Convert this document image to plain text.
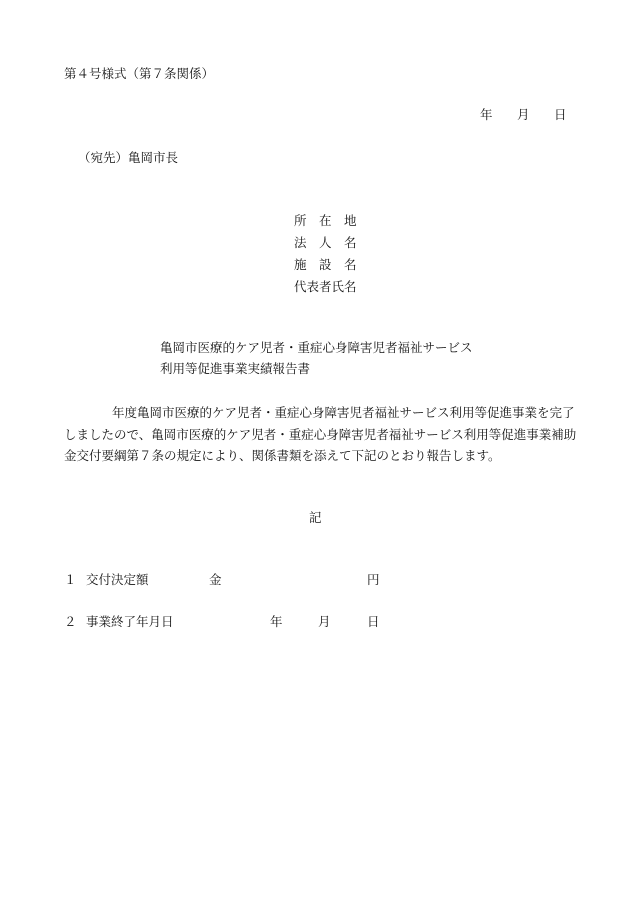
第４号様式（第７条関係）
年 月 日
（宛先）亀岡市長
所　在　地
法　人　名
施　設　名
代表者氏名
亀岡市医療的ケア児者・重症心身障害児者福祉サービス
利用等促進事業実績報告書
年度亀岡市医療的ケア児者・重症心身障害児者福祉サービス利用等促進事業を完了
しましたので、亀岡市医療的ケア児者・重症心身障害児者福祉サービス利用等促進事業補助
金交付要綱第７条の規定により、関係書類を添えて下記のとおり報告します。
記
１ 交付決定額	金	円
２ 事業終了年月日	年	月	日
